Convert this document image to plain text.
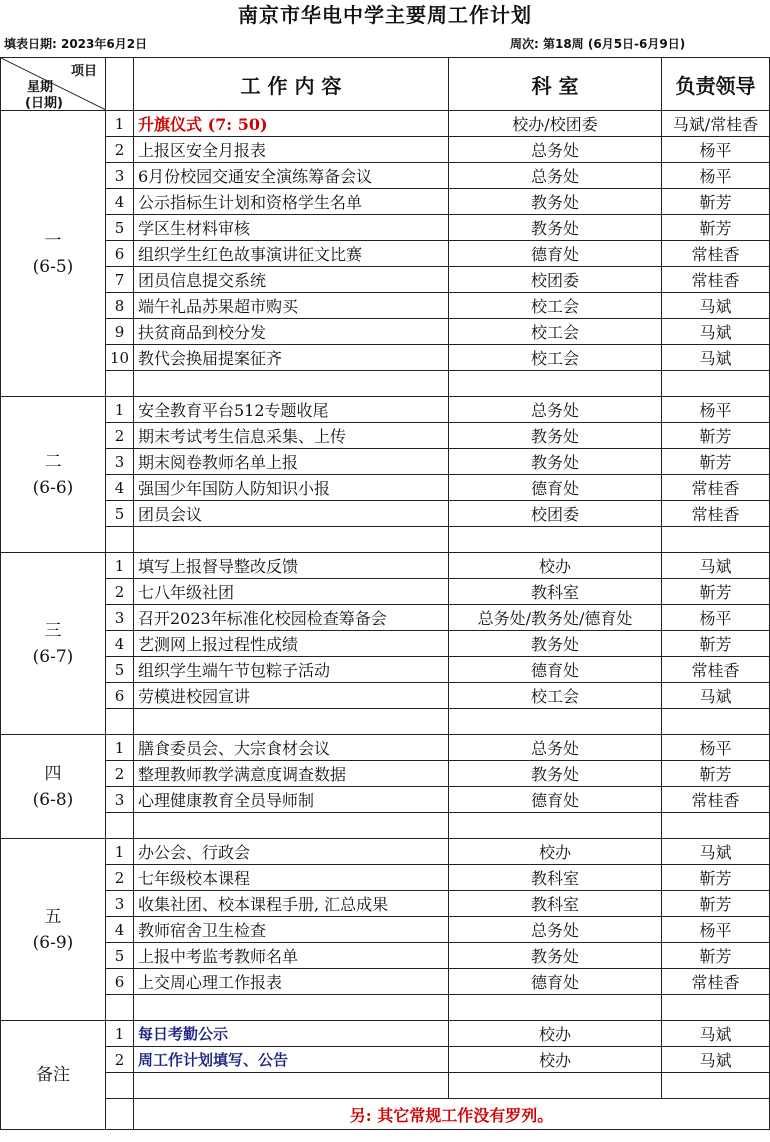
南京市华电中学主要周工作计划
填表日期: 2023年6月2日	周次: 第18周 (6月5日-6月9日)
项目
星期
(日期)		工 作 内 容	科 室	负责领导

一
(6-5)	1	升旗仪式 (7: 50)	校办/校团委	马斌/常桂香
	2	上报区安全月报表	总务处	杨平
	3	6月份校园交通安全演练筹备会议	总务处	杨平
	4	公示指标生计划和资格学生名单	教务处	靳芳
	5	学区生材料审核	教务处	靳芳
	6	组织学生红色故事演讲征文比赛	德育处	常桂香
	7	团员信息提交系统	校团委	常桂香
	8	端午礼品苏果超市购买	校工会	马斌
	9	扶贫商品到校分发	校工会	马斌
	10	教代会换届提案征齐	校工会	马斌

二
(6-6)	1	安全教育平台512专题收尾	总务处	杨平
	2	期末考试考生信息采集、上传	教务处	靳芳
	3	期末阅卷教师名单上报	教务处	靳芳
	4	强国少年国防人防知识小报	德育处	常桂香
	5	团员会议	校团委	常桂香

三
(6-7)	1	填写上报督导整改反馈	校办	马斌
	2	七八年级社团	教科室	靳芳
	3	召开2023年标准化校园检查筹备会	总务处/教务处/德育处	杨平
	4	艺测网上报过程性成绩	教务处	靳芳
	5	组织学生端午节包粽子活动	德育处	常桂香
	6	劳模进校园宣讲	校工会	马斌

四
(6-8)	1	膳食委员会、大宗食材会议	总务处	杨平
	2	整理教师教学满意度调查数据	教务处	靳芳
	3	心理健康教育全员导师制	德育处	常桂香

五
(6-9)	1	办公会、行政会	校办	马斌
	2	七年级校本课程	教科室	靳芳
	3	收集社团、校本课程手册, 汇总成果	教科室	靳芳
	4	教师宿舍卫生检查	总务处	杨平
	5	上报中考监考教师名单	教务处	靳芳
	6	上交周心理工作报表	德育处	常桂香

备注	1	每日考勤公示	校办	马斌
	2	周工作计划填写、公告	校办	马斌

		另: 其它常规工作没有罗列。		
